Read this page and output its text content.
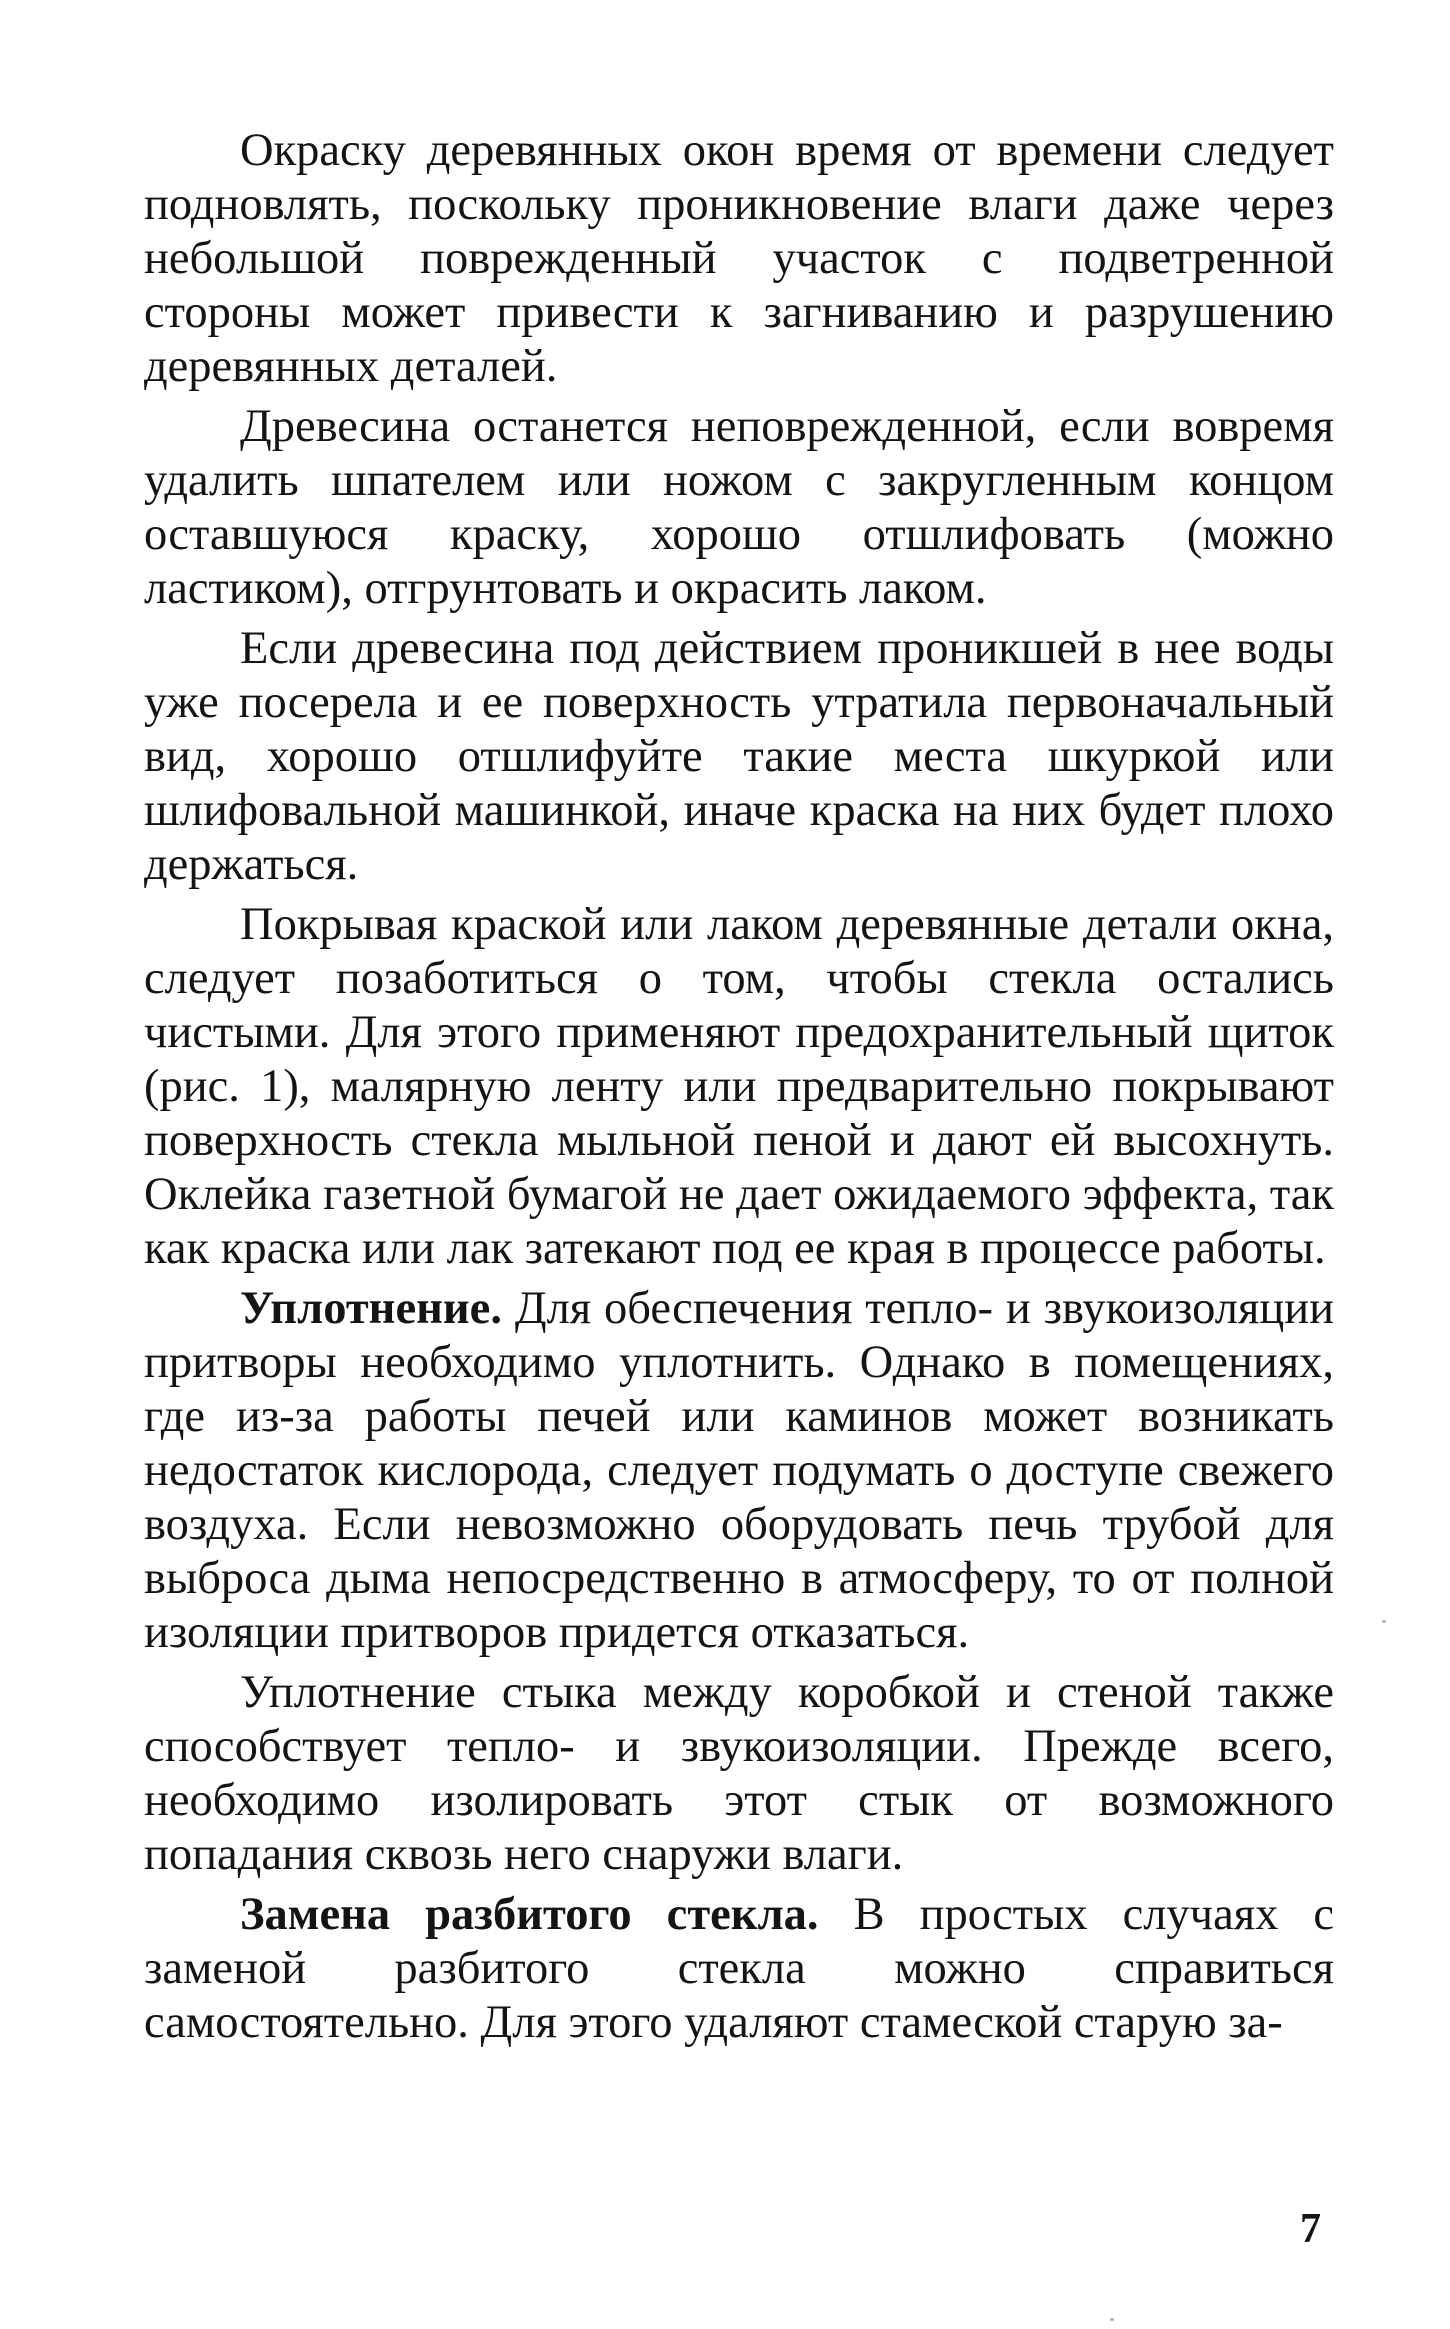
Окраску деревянных окон время от времени следует подновлять, поскольку проникновение влаги даже через небольшой поврежденный участок с подветренной стороны может привести к загниванию и разрушению деревянных деталей.

Древесина останется неповрежденной, если вовремя удалить шпателем или ножом с закругленным концом оставшуюся краску, хорошо отшлифовать (можно ластиком), отгрунтовать и окрасить лаком.

Если древесина под действием проникшей в нее воды уже посерела и ее поверхность утратила первоначальный вид, хорошо отшлифуйте такие места шкуркой или шлифовальной машинкой, иначе краска на них будет плохо держаться.

Покрывая краской или лаком деревянные детали окна, следует позаботиться о том, чтобы стекла остались чистыми. Для этого применяют предохранительный щиток (рис. 1), малярную ленту или предварительно покрывают поверхность стекла мыльной пеной и дают ей высохнуть. Оклейка газетной бумагой не дает ожидаемого эффекта, так как краска или лак затекают под ее края в процессе работы.

Уплотнение. Для обеспечения тепло- и звукоизоляции притворы необходимо уплотнить. Однако в помещениях, где из-за работы печей или каминов может возникать недостаток кислорода, следует подумать о доступе свежего воздуха. Если невозможно оборудовать печь трубой для выброса дыма непосредственно в атмосферу, то от полной изоляции притворов придется отказаться.

Уплотнение стыка между коробкой и стеной также способствует тепло- и звукоизоляции. Прежде всего, необходимо изолировать этот стык от возможного попадания сквозь него снаружи влаги.

Замена разбитого стекла. В простых случаях с заменой разбитого стекла можно справиться самостоятельно. Для этого удаляют стамеской старую за-

7
